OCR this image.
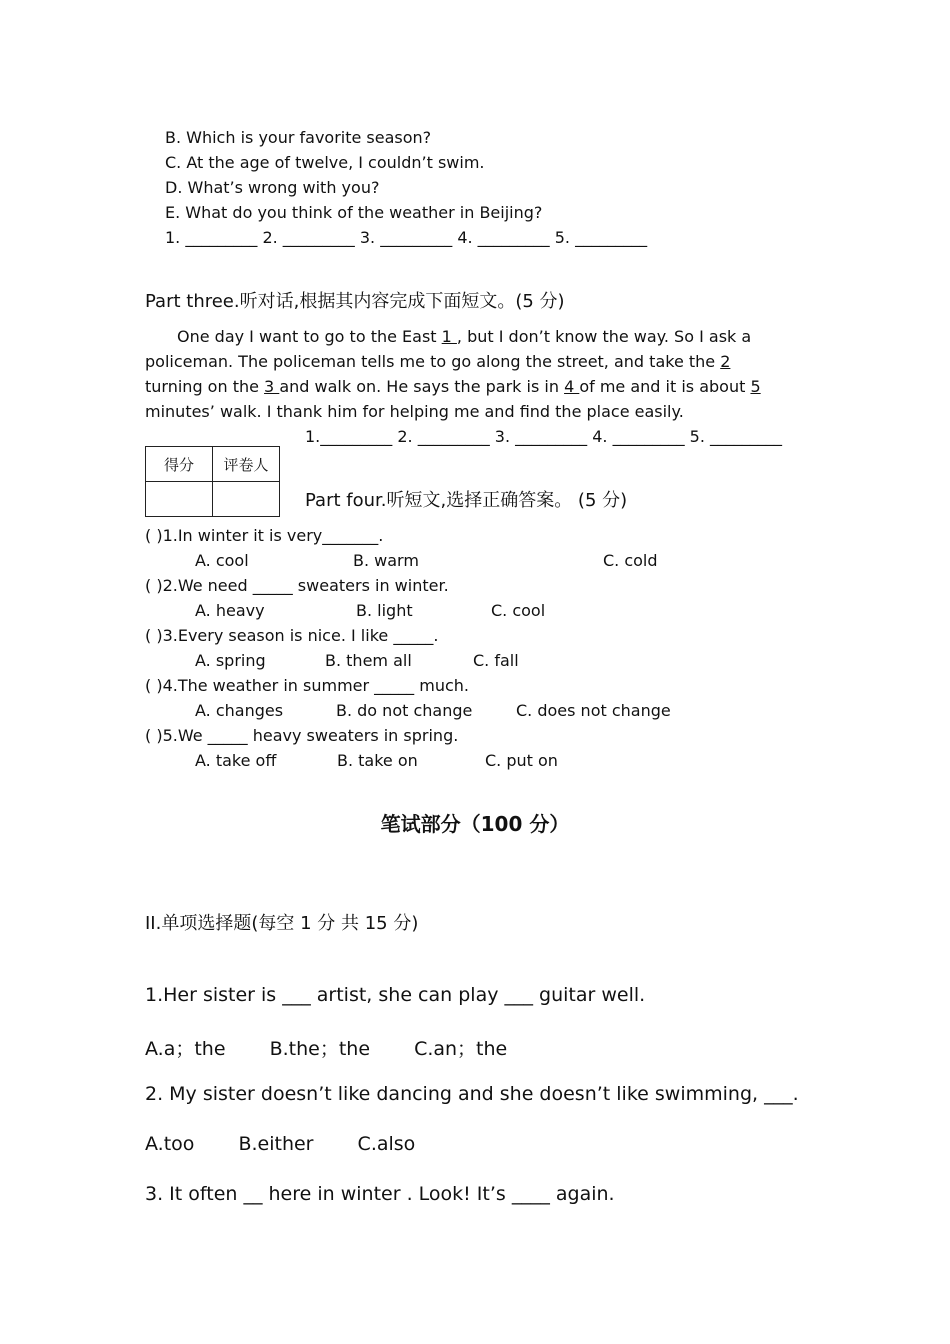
B. Which is your favorite season?
C. At the age of twelve, I couldn’t swim.
D. What’s wrong with you?
E. What do you think of the weather in Beijing?
1. _________ 2. _________ 3. _________ 4. _________ 5. _________
Part three.听对话,根据其内容完成下面短文。(5 分)
One day I want to go to the East 1 , but I don’t know the way. So I ask a
policeman. The policeman tells me to go along the street, and take the 2
turning on the 3 and walk on. He says the park is in 4 of me and it is about 5
minutes’ walk. I thank him for helping me and find the place easily.
1._________ 2. _________ 3. _________ 4. _________ 5. _________
得分	评卷人

Part four.听短文,选择正确答案。 (5 分)
( )1.In winter it is very_______.
A. cool	B. warm	C. cold
( )2.We need _____ sweaters in winter.
A. heavy	B. light	C. cool
( )3.Every season is nice. I like _____.
A. spring	B. them all	C. fall
( )4.The weather in summer _____ much.
A. changes	B. do not change	C. does not change
( )5.We _____ heavy sweaters in spring.
A. take off	B. take on	C. put on
笔试部分（100 分）
II.单项选择题(每空 1 分 共 15 分)
1.Her sister is ___ artist, she can play ___ guitar well.
A.a；the B.the；the C.an；the
2. My sister doesn’t like dancing and she doesn’t like swimming, ___.
A.too B.either C.also
3. It often __ here in winter . Look! It’s ____ again.
